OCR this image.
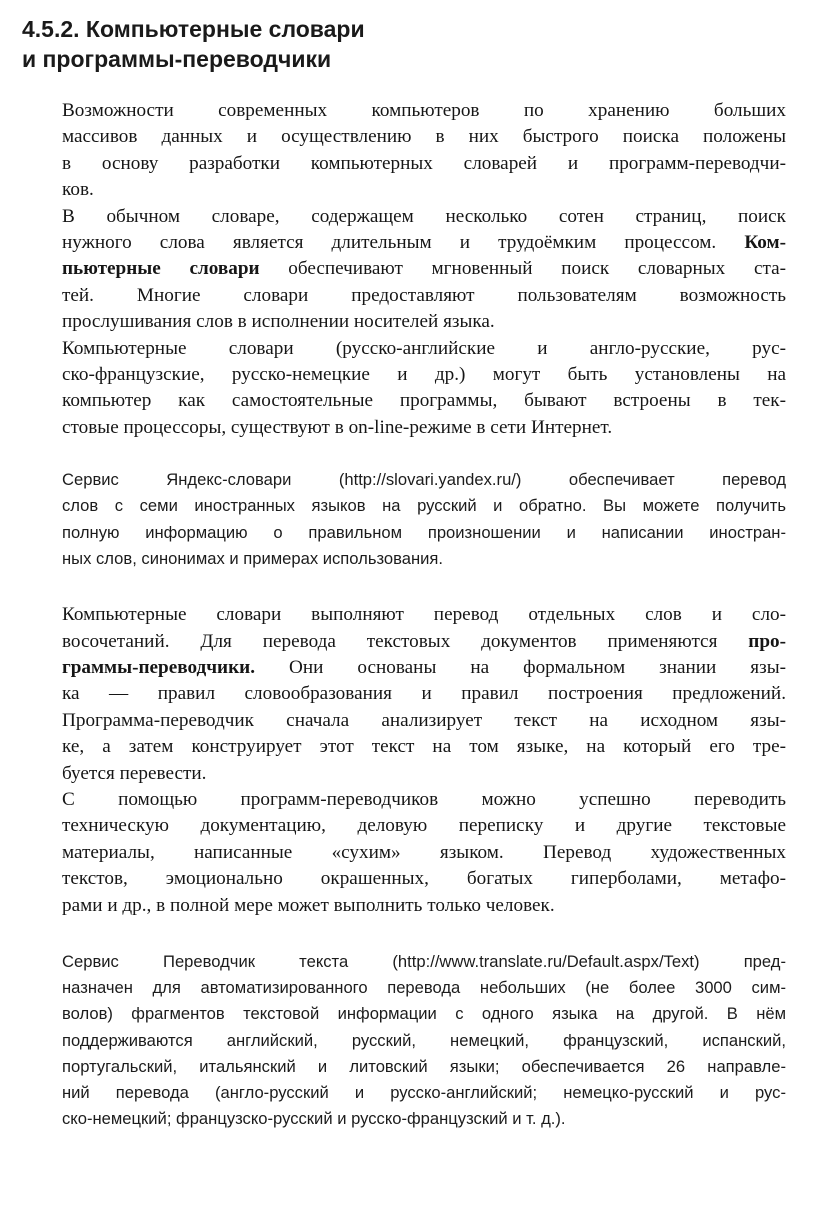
4.5.2. Компьютерные словари
и программы-переводчики

Возможности современных компьютеров по хранению больших
массивов данных и осуществлению в них быстрого поиска положены
в основу разработки компьютерных словарей и программ-переводчи-
ков.

В обычном словаре, содержащем несколько сотен страниц, поиск
нужного слова является длительным и трудоёмким процессом. Ком-
пьютерные словари обеспечивают мгновенный поиск словарных ста-
тей. Многие словари предоставляют пользователям возможность
прослушивания слов в исполнении носителей языка.

Компьютерные словари (русско-английские и англо-русские, рус-
ско-французские, русско-немецкие и др.) могут быть установлены на
компьютер как самостоятельные программы, бывают встроены в тек-
стовые процессоры, существуют в on-line-режиме в сети Интернет.

Сервис Яндекс-словари (http://slovari.yandex.ru/) обеспечивает перевод
слов с семи иностранных языков на русский и обратно. Вы можете получить
полную информацию о правильном произношении и написании иностран-
ных слов, синонимах и примерах использования.

Компьютерные словари выполняют перевод отдельных слов и сло-
восочетаний. Для перевода текстовых документов применяются про-
граммы-переводчики. Они основаны на формальном знании язы-
ка — правил словообразования и правил построения предложений.
Программа-переводчик сначала анализирует текст на исходном язы-
ке, а затем конструирует этот текст на том языке, на который его тре-
буется перевести.

С помощью программ-переводчиков можно успешно переводить
техническую документацию, деловую переписку и другие текстовые
материалы, написанные «сухим» языком. Перевод художественных
текстов, эмоционально окрашенных, богатых гиперболами, метафо-
рами и др., в полной мере может выполнить только человек.

Сервис Переводчик текста (http://www.translate.ru/Default.aspx/Text) пред-
назначен для автоматизированного перевода небольших (не более 3000 сим-
волов) фрагментов текстовой информации с одного языка на другой. В нём
поддерживаются английский, русский, немецкий, французский, испанский,
португальский, итальянский и литовский языки; обеспечивается 26 направле-
ний перевода (англо-русский и русско-английский; немецко-русский и рус-
ско-немецкий; французско-русский и русско-французский и т. д.).
